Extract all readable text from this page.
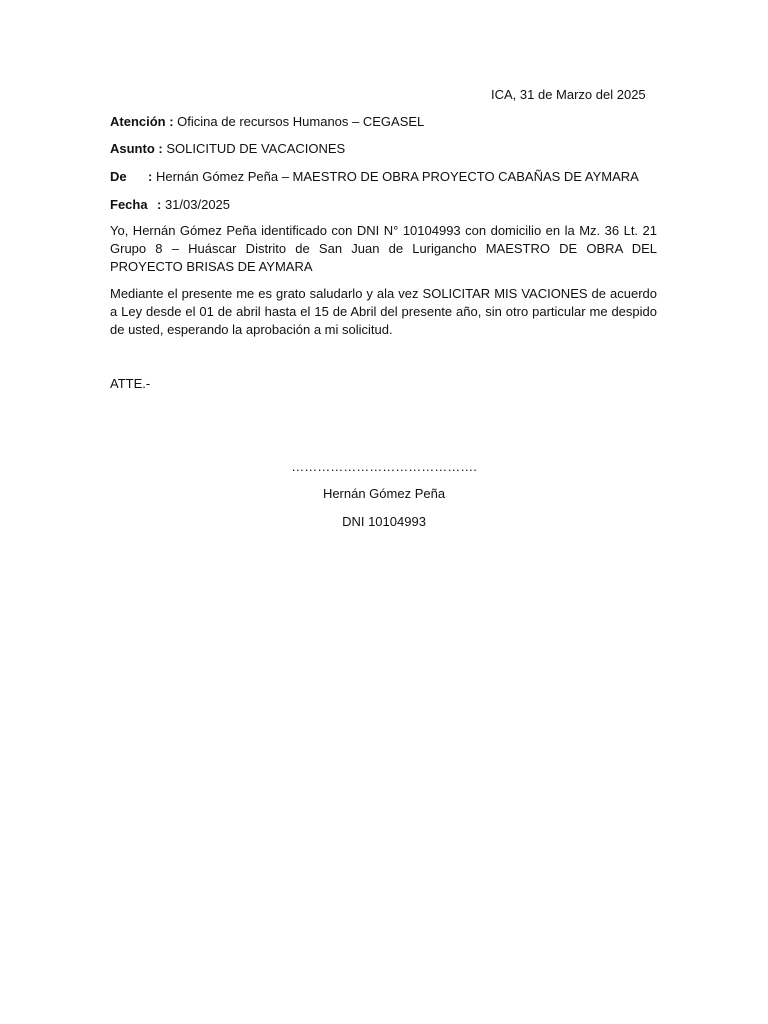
ICA, 31 de Marzo del 2025
Atención : Oficina de recursos Humanos – CEGASEL
Asunto : SOLICITUD DE VACACIONES
De : Hernán Gómez Peña – MAESTRO DE OBRA PROYECTO CABAÑAS DE AYMARA
Fecha : 31/03/2025
Yo, Hernán Gómez Peña identificado con DNI N° 10104993 con domicilio en la Mz. 36 Lt. 21 Grupo 8 – Huáscar Distrito de San Juan de Lurigancho MAESTRO DE OBRA DEL PROYECTO BRISAS DE AYMARA
Mediante el presente me es grato saludarlo y ala vez SOLICITAR MIS VACIONES de acuerdo a Ley desde el 01 de abril hasta el 15 de Abril del presente año, sin otro particular me despido de usted, esperando la aprobación a mi solicitud.
ATTE.-
…………………………………….
Hernán Gómez Peña
DNI 10104993
